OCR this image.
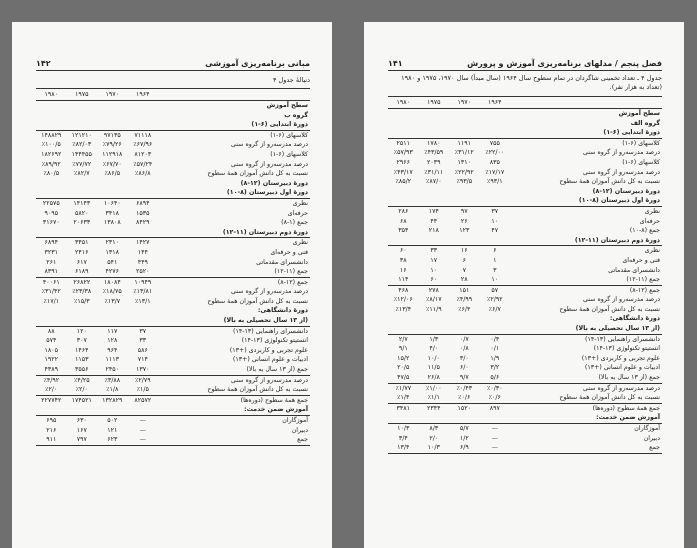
۱۴۲	مبانی برنامه‌ریزی آموزشی
دنبالهٔ جدول ۴
	۱۹۶۴	۱۹۷۰	۱۹۷۵	۱۹۸۰
سطح آموزش				
گروه ب				
دورهٔ ابتدایی (۶-۱)				
کلاسهای (۶-۱)	۷۱۱۱۸	۹۷۱۳۵	۱۲۱۲۱۰	۱۴۸۸۲۹
درصد مدرسه‌رو از گروه سنی	٪۶۷/۹۶	٪۷۹/۲۶	٪۸۲/۰۳	٪۱۰۰/۵
کلاسهای (۶-۱)	۸۱۲۰۳	۱۱۲۹۱۸	۱۴۴۴۵۵	۱۸۲۶۹۲
درصد مدرسه‌رو از گروه سنی	٪۵۷/۲۴	٪۶۷/۷۰	٪۷۷/۷۲	٪۸۹/۹۲
نسبت به کل دانش آموزان همهٔ سطوح	٪۸۶/۸	٪۸۶/۵	٪۸۲/۷	٪۸۰/۵
دورهٔ دبیرستان (۱۲-۸)				
دورهٔ اول دبیرستان (۸-۱۰)				
نظری	۶۸۹۴	۱۰۶۴۰	۱۴۱۴۳	۲۲۵۷۵
حرفه‌ای	۱۵۳۵	۳۴۱۸	۵۸۲۰	۹۰۹۵
جمع (۱-۸)	۸۴۲۹	۱۳۸۰۸	۲۰۶۳۳	۳۱۶۷۰
دورهٔ دوم دبیرستان (۱۱-۱۲)				
نظری	۱۴۲۷	۲۳۱۰	۳۴۵۱	۶۸۹۴
فنی و حرفه‌ای	۱۴۴	۱۳۱۸	۲۴۱۶	۳۲۳۱
دانشسرای مقدماتی	۴۴۹	۵۴۱	۶۱۷	۲۶۱
جمع (۱۱-۱۲)	۲۵۲۰	۴۲۷۶	۶۱۸۹	۸۳۹۱
جمع (۱۲-۸)	۱۰۹۴۹	۱۸۰۸۴	۲۶۸۲۲	۴۰۰۶۱
درصد مدرسه‌رو از گروه سنی	٪۱۳/۸۱	٪۱۸/۷۵	٪۲۳/۳۸	٪۳۱/۴۲
نسبت به کل دانش آموزان همهٔ سطوح	٪۱۳/۱	٪۱۳/۷	٪۱۵/۳	٪۱۷/۱
دورهٔ دانشگاهی:				
(از ۱۳ سال تحصیلی به بالا)				
دانشسرای راهنمایی (۱۳-۱۴)	۳۷	۱۱۷	۱۲۰	۸۸
انستیتو تکنولوژی (۱۳-۱۴)	۳۳	۱۲۸	۳۰۷	۵۷۴
علوم تجربی و کاربردی (+۱۳)	۵۸۶	۹۶۴	۱۴۶۴	۱۸۰۵
ادبیات و علوم انسانی (+۱۳)	۷۱۴	۱۱۱۳	۱۱۵۳	۱۹۲۲
جمع (از ۱۳ سال به بالا)	۱۳۷۰	۲۴۵۰	۳۵۵۶	۴۳۸۹
درصد مدرسه‌رو از گروه سنی	٪۲/۷۹	٪۳/۸۸	٪۴/۲۵	٪۴/۹۲
نسبت به کل دانش آموزان همهٔ سطوح	٪۱/۵	٪۱/۸	٪۲/۰	٪۲/۰
جمع همهٔ سطوح (دوره‌ها)	۸۲۵۷۲	۱۳۲۸۲۹	۱۷۴۵۲۱	۲۲۷۷۴۲
آموزش ضمن خدمت:				
آموزگاران	—	۵۰۲	۶۳۰	۶۹۵
دبیران	—	۱۲۱	۱۶۷	۲۱۶
جمع	—	۶۲۳	۷۹۷	۹۱۱
۱۴۱	فصل پنجم / مدلهای برنامه‌ریزی آموزش و پرورش
جدول ۴ ـ تعداد تخمینی شاگردان در تمام سطوح سال ۱۹۶۴ (سال مبدأ) سال ۱۹۷۰، ۱۹۷۵ و ۱۹۸۰ (تعداد به هزار نفر).
	۱۹۶۴	۱۹۷۰	۱۹۷۵	۱۹۸۰
سطح آموزش				
گروه الف				
دورهٔ ابتدایی (۶-۱)				
کلاسهای (۶-۱)	۷۵۵	۱۱۹۱	۱۷۸۰	۲۵۱۱
درصد مدرسه‌رو از گروه سنی	٪۲۲/۰۰	٪۳۱/۱۲	٪۴۳/۵۹	٪۵۷/۹۳
کلاسهای (۶-۱)	۸۳۵	۱۳۱۰	۲۰۳۹	۲۹۶۶
درصد مدرسه‌رو از گروه سنی	٪۱۷/۱۷	٪۲۲/۹۲	٪۳۱/۱۱	٪۴۳/۱۷
نسبت به کل دانش آموزان همهٔ سطوح	٪۹۳/۱	٪۹۳/۵	٪۸۷/۰	٪۸۵/۲
دورهٔ دبیرستان (۱۲-۸)				
دورهٔ اول دبیرستان (۸-۱۰)				
نظری	۳۷	۹۷	۱۷۴	۲۸۶
حرفه‌ای	۱۰	۲۶	۴۴	۶۸
جمع (۸-۱۰)	۴۷	۱۲۳	۲۱۸	۳۵۴
دورهٔ دوم دبیرستان (۱۱-۱۲)				
نظری	۶	۱۶	۳۳	۶۰
فنی و حرفه‌ای	۱	۶	۱۷	۳۸
دانشسرای مقدماتی	۳	۷	۱۰	۱۶
جمع (۱۱-۱۲)	۱۰	۲۸	۶۰	۱۱۴
جمع (۱۲-۸)	۵۷	۱۵۱	۲۷۸	۴۶۸
درصد مدرسه‌رو از گروه سنی	٪۲/۹۲	٪۴/۹۹	٪۸/۱۷	٪۱۲/۰۶
نسبت به کل دانش آموزان همهٔ سطوح	٪۶/۷	٪۶/۴	٪۱۱/۹	٪۱۳/۴
دورهٔ دانشگاهی:				
(از ۱۳ سال تحصیلی به بالا)				
دانشسرای راهنمایی (۱۳-۱۴)	۰/۴	۰/۷	۱/۳	۲/۷
انستیتو تکنولوژی (۱۳-۱۴)	۰/۱	۰/۸	۴/۰	۹/۱
علوم تجربی و کاربردی (+۱۳)	۱/۹	۳/۰	۱۰/۰	۱۵/۲
ادبیات و علوم انسانی (+۱۳)	۳/۲	۶/۰	۱۱/۵	۲۰/۵
جمع (از ۱۳ سال به بالا)	۵/۶	۹/۷	۲۶/۸	۴۷/۵
درصد مدرسه‌رو از گروه سنی	٪۰/۳۰	٪۰/۴۳	٪۱/۰۰	٪۱/۷۷
نسبت به کل دانش آموزان همهٔ سطوح	٪۰/۶	٪۰/۶	٪۱/۱	٪۱/۴
جمع همهٔ سطوح (دوره‌ها)	۸۹۷	۱۵۲۰	۲۳۴۴	۳۴۸۱
آموزش ضمن خدمت:				
آموزگاران	—	۵/۷	۸/۳	۱۰/۳
دبیران	—	۱/۲	۲/۰	۳/۴
جمع	—	۶/۹	۱۰/۳	۱۳/۴
